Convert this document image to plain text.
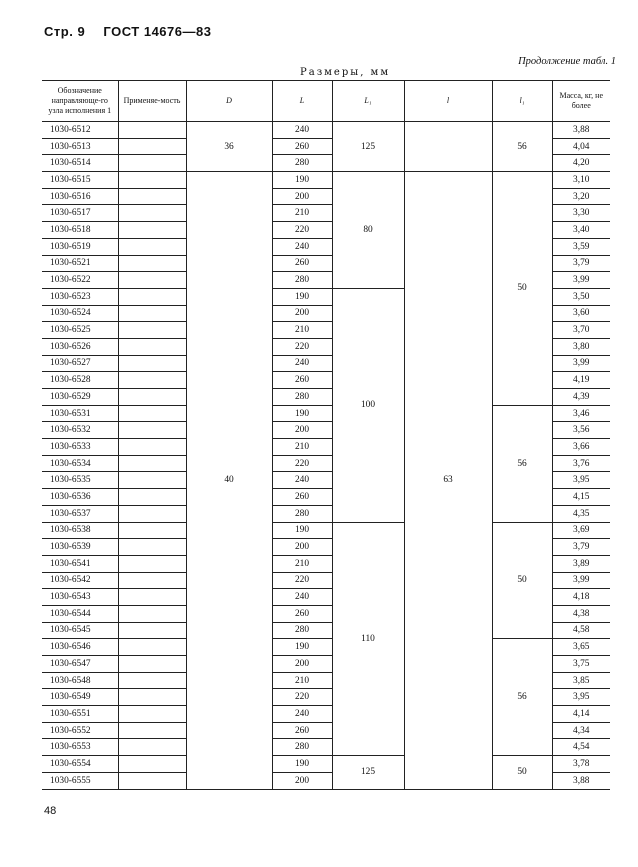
Стр. 9 ГОСТ 14676—83
Продолжение табл. 1
Размеры, мм
Обозначение направляюще-го узла исполнения 1	Применяе-мость	D	L	L₁	l	l₁	Масса, кг, не более
1030-6512		36	240	125		56	3,88
1030-6513			260				4,04
1030-6514			280				4,20
1030-6515		40	190	80	63	50	3,10
1030-6516			200				3,20
1030-6517			210				3,30
1030-6518			220				3,40
1030-6519			240				3,59
1030-6521			260				3,79
1030-6522			280				3,99
1030-6523			190	100			3,50
1030-6524			200				3,60
1030-6525			210				3,70
1030-6526			220				3,80
1030-6527			240				3,99
1030-6528			260				4,19
1030-6529			280				4,39
1030-6531			190			56	3,46
1030-6532			200				3,56
1030-6533			210				3,66
1030-6534			220				3,76
1030-6535			240				3,95
1030-6536			260				4,15
1030-6537			280				4,35
1030-6538			190	110		50	3,69
1030-6539			200				3,79
1030-6541			210				3,89
1030-6542			220				3,99
1030-6543			240				4,18
1030-6544			260				4,38
1030-6545			280				4,58
1030-6546			190			56	3,65
1030-6547			200				3,75
1030-6548			210				3,85
1030-6549			220				3,95
1030-6551			240				4,14
1030-6552			260				4,34
1030-6553			280				4,54
1030-6554			190	125		50	3,78
1030-6555			200				3,88
48
